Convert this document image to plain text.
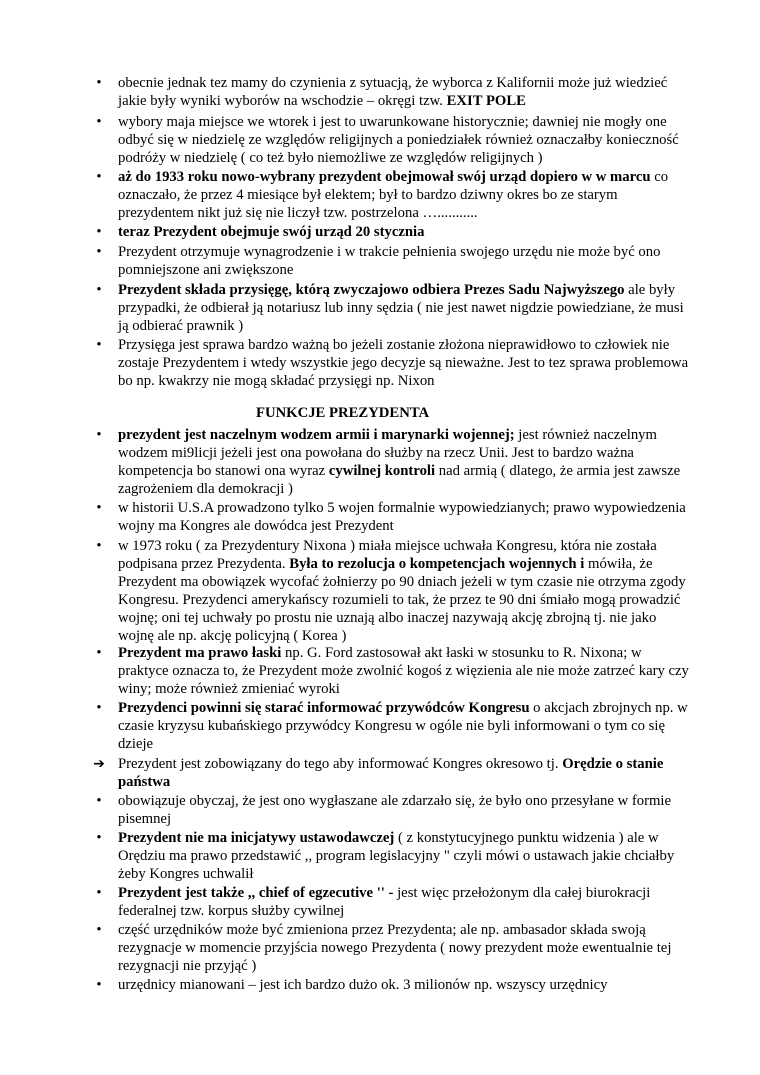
•	obecnie jednak tez mamy do czynienia z sytuacją, że wyborca z Kalifornii może już wiedzieć jakie były wyniki wyborów na wschodzie – okręgi tzw. EXIT POLE
•	wybory maja miejsce we wtorek i jest to uwarunkowane historycznie; dawniej nie mogły one odbyć się w niedzielę ze względów religijnych a poniedziałek również oznaczałby konieczność podróży w niedzielę ( co też było niemożliwe ze względów religijnych )
•	aż do 1933 roku nowo-wybrany prezydent obejmował swój urząd dopiero w w marcu co oznaczało, że przez 4 miesiące był elektem; był to bardzo dziwny okres bo ze starym prezydentem nikt już się nie liczył tzw. postrzelona …...........
•	teraz Prezydent obejmuje swój urząd 20 stycznia
•	Prezydent otrzymuje wynagrodzenie i w trakcie pełnienia swojego urzędu nie może być ono pomniejszone ani zwiększone
•	Prezydent składa przysięgę, którą zwyczajowo odbiera Prezes Sadu Najwyższego ale były przypadki, że odbierał ją notariusz lub inny sędzia ( nie jest nawet nigdzie powiedziane, że musi ją odbierać prawnik )
•	Przysięga jest sprawa bardzo ważną bo jeżeli zostanie złożona nieprawidłowo to człowiek nie zostaje Prezydentem i wtedy wszystkie jego decyzje są nieważne. Jest to tez sprawa problemowa bo np. kwakrzy nie mogą składać przysięgi np. Nixon
FUNKCJE PREZYDENTA
•	prezydent jest naczelnym wodzem armii i marynarki wojennej; jest również naczelnym wodzem mi9licji jeżeli jest ona powołana do służby na rzecz Unii. Jest to bardzo ważna kompetencja bo stanowi ona wyraz cywilnej kontroli nad armią ( dlatego, że armia jest zawsze zagrożeniem dla demokracji )
•	w historii U.S.A prowadzono tylko 5 wojen formalnie wypowiedzianych; prawo wypowiedzenia wojny ma Kongres ale dowódca jest Prezydent
•	w 1973 roku ( za Prezydentury Nixona ) miała miejsce uchwała Kongresu, która nie została podpisana przez Prezydenta. Była to rezolucja o kompetencjach wojennych i mówiła, że Prezydent ma obowiązek wycofać żołnierzy po 90 dniach jeżeli w tym czasie nie otrzyma zgody Kongresu. Prezydenci amerykańscy rozumieli to tak, że przez te 90 dni śmiało mogą prowadzić wojnę; oni tej uchwały po prostu nie uznają albo inaczej nazywają akcję zbrojną tj. nie jako wojnę ale np. akcję policyjną ( Korea )
•	Prezydent ma prawo łaski np. G. Ford zastosował akt łaski w stosunku to R. Nixona; w praktyce oznacza to, że Prezydent może zwolnić kogoś z więzienia ale nie może zatrzeć kary czy winy; może również zmieniać wyroki
•	Prezydenci powinni się starać informować przywódców Kongresu o akcjach zbrojnych np. w czasie kryzysu kubańskiego przywódcy Kongresu w ogóle nie byli informowani o tym co się dzieje
➔ Prezydent jest zobowiązany do tego aby informować Kongres okresowo tj. Orędzie o stanie państwa
•	obowiązuje obyczaj, że jest ono wygłaszane ale zdarzało się, że było ono przesyłane w formie pisemnej
•	Prezydent nie ma inicjatywy ustawodawczej ( z konstytucyjnego punktu widzenia ) ale w Orędziu ma prawo przedstawić ,, program legislacyjny " czyli mówi o ustawach jakie chciałby żeby Kongres uchwalił
•	Prezydent jest także ,, chief of egzecutive '' - jest więc przełożonym dla całej biurokracji federalnej tzw. korpus służby cywilnej
•	część urzędników może być zmieniona przez Prezydenta; ale np. ambasador składa swoją rezygnacje w momencie przyjścia nowego Prezydenta ( nowy prezydent może ewentualnie tej rezygnacji nie przyjąć )
•	urzędnicy mianowani – jest ich bardzo dużo ok. 3 milionów np. wszyscy urzędnicy
